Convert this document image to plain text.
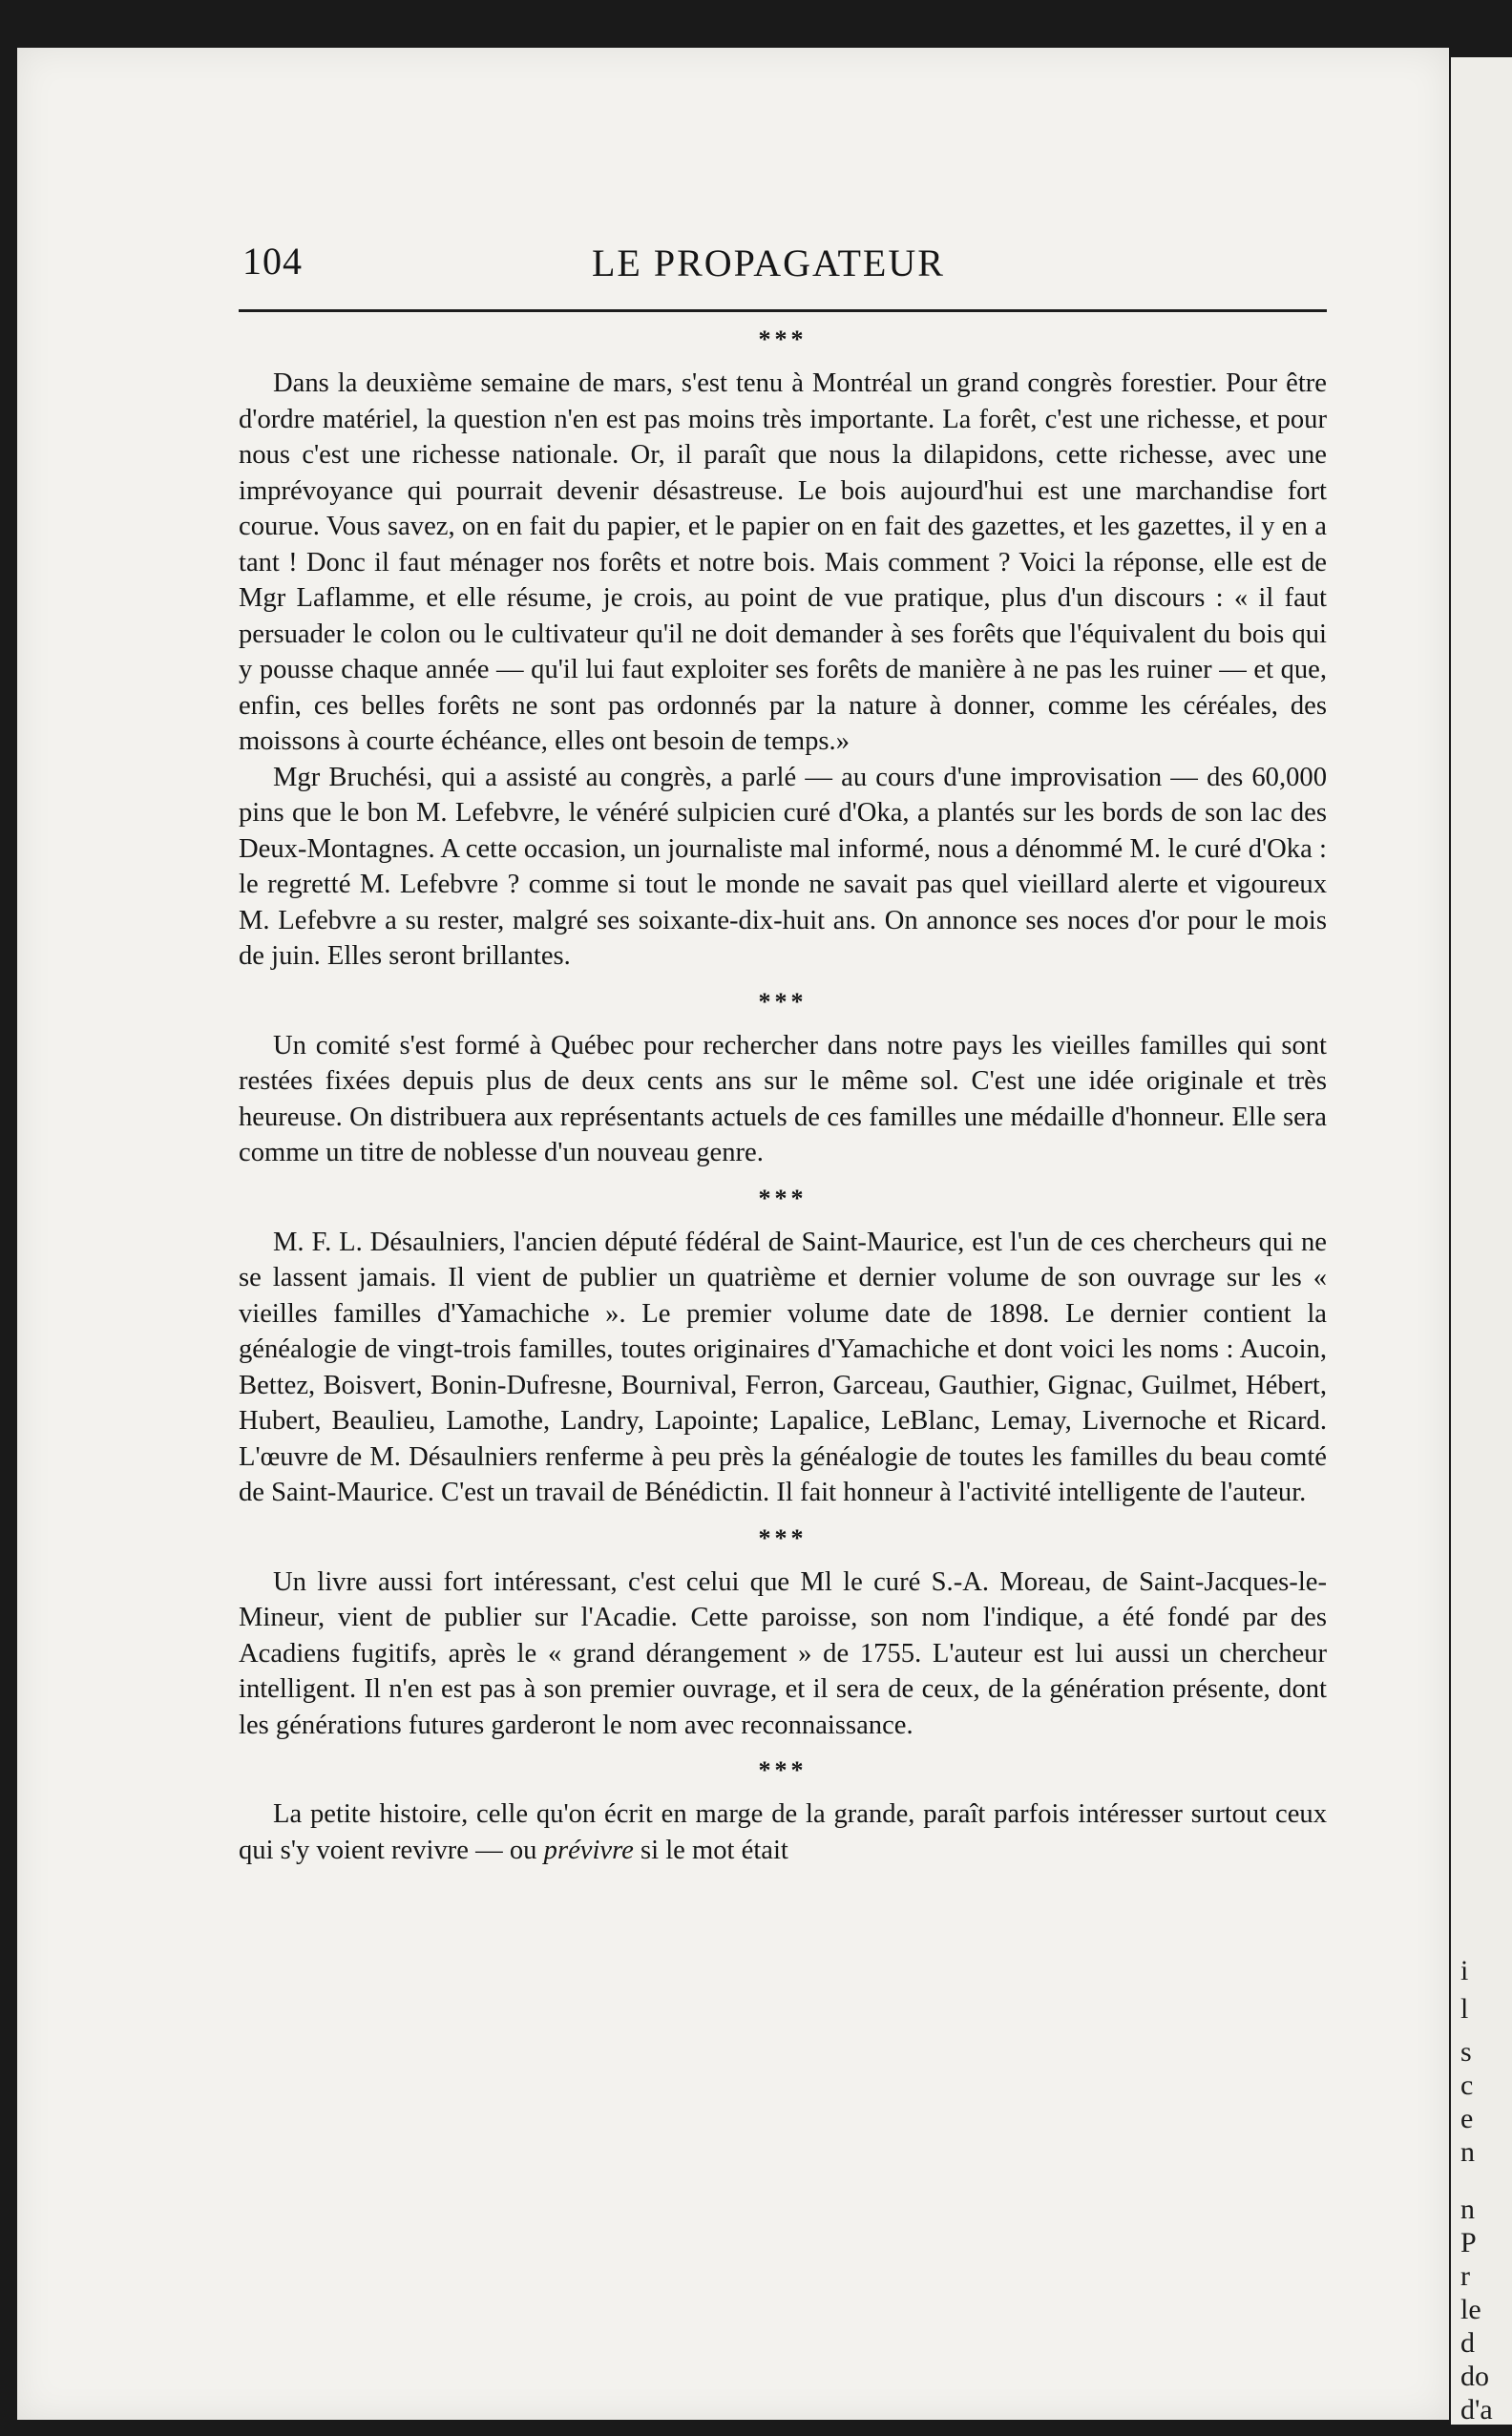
i
l
s
c
e
n
n
P
r
le
d
do
d'a
104	LE PROPAGATEUR
***

Dans la deuxième semaine de mars, s'est tenu à Montréal un grand congrès forestier. Pour être d'ordre matériel, la question n'en est pas moins très importante. La forêt, c'est une richesse, et pour nous c'est une richesse nationale. Or, il paraît que nous la dilapidons, cette richesse, avec une imprévoyance qui pourrait devenir désastreuse. Le bois aujourd'hui est une marchandise fort courue. Vous savez, on en fait du papier, et le papier on en fait des gazettes, et les gazettes, il y en a tant ! Donc il faut ménager nos forêts et notre bois. Mais comment ? Voici la réponse, elle est de Mgr Laflamme, et elle résume, je crois, au point de vue pratique, plus d'un discours : « il faut persuader le colon ou le cultivateur qu'il ne doit demander à ses forêts que l'équivalent du bois qui y pousse chaque année — qu'il lui faut exploiter ses forêts de manière à ne pas les ruiner — et que, enfin, ces belles forêts ne sont pas ordonnés par la nature à donner, comme les céréales, des moissons à courte échéance, elles ont besoin de temps.»

Mgr Bruchési, qui a assisté au congrès, a parlé — au cours d'une improvisation — des 60,000 pins que le bon M. Lefebvre, le vénéré sulpicien curé d'Oka, a plantés sur les bords de son lac des Deux-Montagnes. A cette occasion, un journaliste mal informé, nous a dénommé M. le curé d'Oka : le regretté M. Lefebvre ? comme si tout le monde ne savait pas quel vieillard alerte et vigoureux M. Lefebvre a su rester, malgré ses soixante-dix-huit ans. On annonce ses noces d'or pour le mois de juin. Elles seront brillantes.

***

Un comité s'est formé à Québec pour rechercher dans notre pays les vieilles familles qui sont restées fixées depuis plus de deux cents ans sur le même sol. C'est une idée originale et très heureuse. On distribuera aux représentants actuels de ces familles une médaille d'honneur. Elle sera comme un titre de noblesse d'un nouveau genre.

***

M. F. L. Désaulniers, l'ancien député fédéral de Saint-Maurice, est l'un de ces chercheurs qui ne se lassent jamais. Il vient de publier un quatrième et dernier volume de son ouvrage sur les « vieilles familles d'Yamachiche ». Le premier volume date de 1898. Le dernier contient la généalogie de vingt-trois familles, toutes originaires d'Yamachiche et dont voici les noms : Aucoin, Bettez, Boisvert, Bonin-Dufresne, Bournival, Ferron, Garceau, Gauthier, Gignac, Guilmet, Hébert, Hubert, Beaulieu, Lamothe, Landry, Lapointe; Lapalice, LeBlanc, Lemay, Livernoche et Ricard. L'œuvre de M. Désaulniers renferme à peu près la généalogie de toutes les familles du beau comté de Saint-Maurice. C'est un travail de Bénédictin. Il fait honneur à l'activité intelligente de l'auteur.

***

Un livre aussi fort intéressant, c'est celui que Ml le curé S.-A. Moreau, de Saint-Jacques-le-Mineur, vient de publier sur l'Acadie. Cette paroisse, son nom l'indique, a été fondé par des Acadiens fugitifs, après le « grand dérangement » de 1755. L'auteur est lui aussi un chercheur intelligent. Il n'en est pas à son premier ouvrage, et il sera de ceux, de la génération présente, dont les générations futures garderont le nom avec reconnaissance.

***

La petite histoire, celle qu'on écrit en marge de la grande, paraît parfois intéresser surtout ceux qui s'y voient revivre — ou prévivre si le mot était
